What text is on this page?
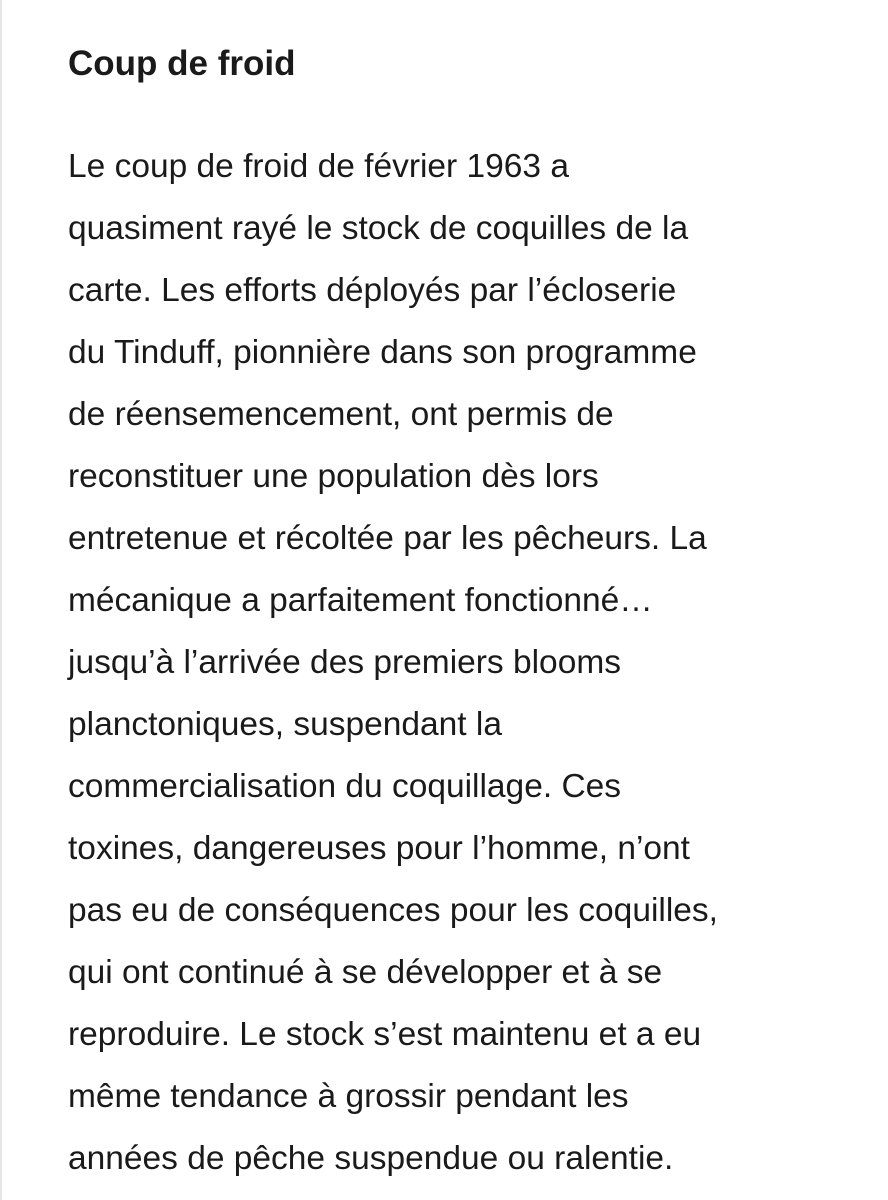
Coup de froid

Le coup de froid de février 1963 a
quasiment rayé le stock de coquilles de la
carte. Les efforts déployés par l’écloserie
du Tinduff, pionnière dans son programme
de réensemencement, ont permis de
reconstituer une population dès lors
entretenue et récoltée par les pêcheurs. La
mécanique a parfaitement fonctionné…
jusqu’à l’arrivée des premiers blooms
planctoniques, suspendant la
commercialisation du coquillage. Ces
toxines, dangereuses pour l’homme, n’ont
pas eu de conséquences pour les coquilles,
qui ont continué à se développer et à se
reproduire. Le stock s’est maintenu et a eu
même tendance à grossir pendant les
années de pêche suspendue ou ralentie.
